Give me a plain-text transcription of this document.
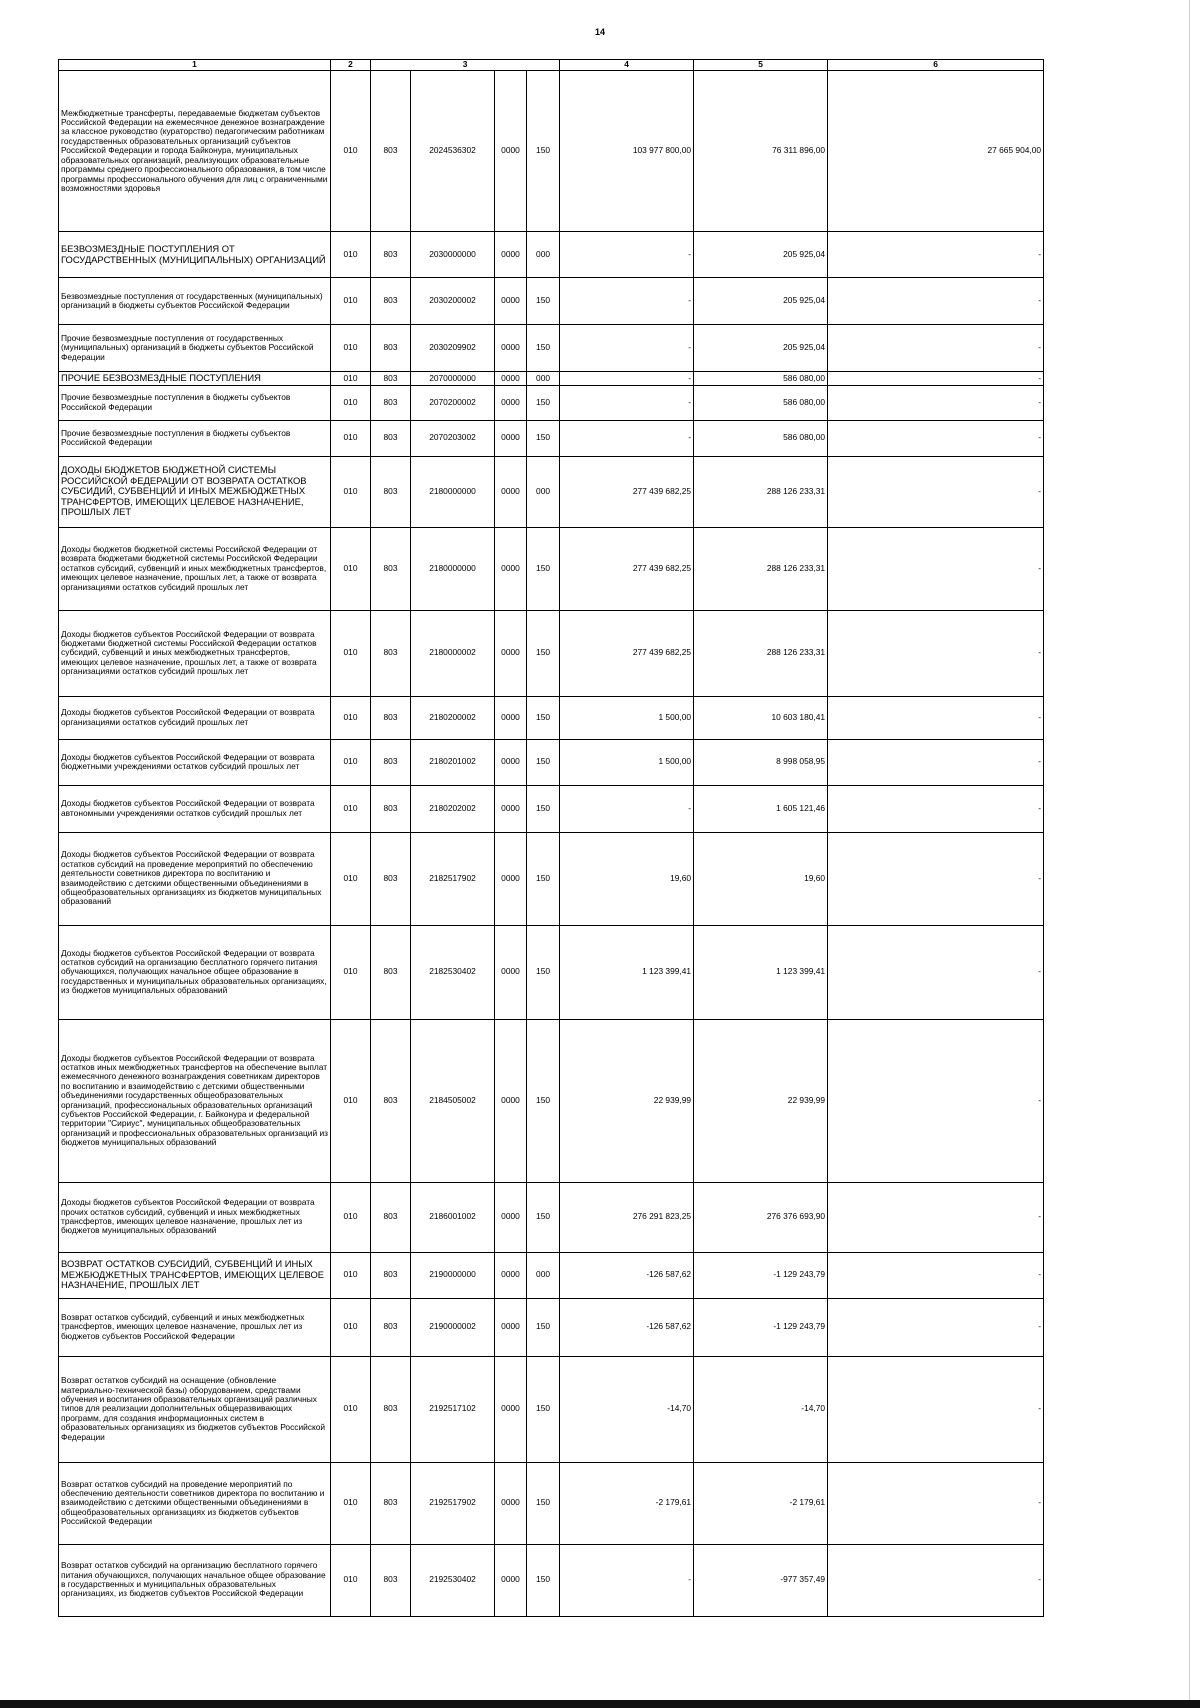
14
1	2	3				4	5	6
Межбюджетные трансферты, передаваемые бюджетам субъектов Российской Федерации на ежемесячное денежное вознаграждение за классное руководство (кураторство) педагогическим работникам государственных образовательных организаций субъектов Российской Федерации и города Байконура, муниципальных образовательных организаций, реализующих образовательные программы среднего профессионального образования, в том числе программы профессионального обучения для лиц с ограниченными возможностями здоровья	010	803	2024536302	0000	150	103 977 800,00	76 311 896,00	27 665 904,00
БЕЗВОЗМЕЗДНЫЕ ПОСТУПЛЕНИЯ ОТ ГОСУДАРСТВЕННЫХ (МУНИЦИПАЛЬНЫХ) ОРГАНИЗАЦИЙ	010	803	2030000000	0000	000	-	205 925,04	-
Безвозмездные поступления от государственных (муниципальных) организаций в бюджеты субъектов Российской Федерации	010	803	2030200002	0000	150	-	205 925,04	-
Прочие безвозмездные поступления от государственных (муниципальных) организаций в бюджеты субъектов Российской Федерации	010	803	2030209902	0000	150	-	205 925,04	-
ПРОЧИЕ БЕЗВОЗМЕЗДНЫЕ ПОСТУПЛЕНИЯ	010	803	2070000000	0000	000	-	586 080,00	-
Прочие безвозмездные поступления в бюджеты субъектов Российской Федерации	010	803	2070200002	0000	150	-	586 080,00	-
Прочие безвозмездные поступления в бюджеты субъектов Российской Федерации	010	803	2070203002	0000	150	-	586 080,00	-
ДОХОДЫ БЮДЖЕТОВ БЮДЖЕТНОЙ СИСТЕМЫ РОССИЙСКОЙ ФЕДЕРАЦИИ ОТ ВОЗВРАТА ОСТАТКОВ СУБСИДИЙ, СУБВЕНЦИЙ И ИНЫХ МЕЖБЮДЖЕТНЫХ ТРАНСФЕРТОВ, ИМЕЮЩИХ ЦЕЛЕВОЕ НАЗНАЧЕНИЕ, ПРОШЛЫХ ЛЕТ	010	803	2180000000	0000	000	277 439 682,25	288 126 233,31	-
Доходы бюджетов бюджетной системы Российской Федерации от возврата бюджетами бюджетной системы Российской Федерации остатков субсидий, субвенций и иных межбюджетных трансфертов, имеющих целевое назначение, прошлых лет, а также от возврата организациями остатков субсидий прошлых лет	010	803	2180000000	0000	150	277 439 682,25	288 126 233,31	-
Доходы бюджетов субъектов Российской Федерации от возврата бюджетами бюджетной системы Российской Федерации остатков субсидий, субвенций и иных межбюджетных трансфертов, имеющих целевое назначение, прошлых лет, а также от возврата организациями остатков субсидий прошлых лет	010	803	2180000002	0000	150	277 439 682,25	288 126 233,31	-
Доходы бюджетов субъектов Российской Федерации от возврата организациями остатков субсидий прошлых лет	010	803	2180200002	0000	150	1 500,00	10 603 180,41	-
Доходы бюджетов субъектов Российской Федерации от возврата бюджетными учреждениями остатков субсидий прошлых лет	010	803	2180201002	0000	150	1 500,00	8 998 058,95	-
Доходы бюджетов субъектов Российской Федерации от возврата автономными учреждениями остатков субсидий прошлых лет	010	803	2180202002	0000	150	-	1 605 121,46	-
Доходы бюджетов субъектов Российской Федерации от возврата остатков субсидий на проведение мероприятий по обеспечению деятельности советников директора по воспитанию и взаимодействию с детскими общественными объединениями в общеобразовательных организациях из бюджетов муниципальных образований	010	803	2182517902	0000	150	19,60	19,60	-
Доходы бюджетов субъектов Российской Федерации от возврата остатков субсидий на организацию бесплатного горячего питания обучающихся, получающих начальное общее образование в государственных и муниципальных образовательных организациях, из бюджетов муниципальных образований	010	803	2182530402	0000	150	1 123 399,41	1 123 399,41	-
Доходы бюджетов субъектов Российской Федерации от возврата остатков иных межбюджетных трансфертов на обеспечение выплат ежемесячного денежного вознаграждения советникам директоров по воспитанию и взаимодействию с детскими общественными объединениями государственных общеобразовательных организаций, профессиональных образовательных организаций субъектов Российской Федерации, г. Байконура и федеральной территории "Сириус", муниципальных общеобразовательных организаций и профессиональных образовательных организаций из бюджетов муниципальных образований	010	803	2184505002	0000	150	22 939,99	22 939,99	-
Доходы бюджетов субъектов Российской Федерации от возврата прочих остатков субсидий, субвенций и иных межбюджетных трансфертов, имеющих целевое назначение, прошлых лет из бюджетов муниципальных образований	010	803	2186001002	0000	150	276 291 823,25	276 376 693,90	-
ВОЗВРАТ ОСТАТКОВ СУБСИДИЙ, СУБВЕНЦИЙ И ИНЫХ МЕЖБЮДЖЕТНЫХ ТРАНСФЕРТОВ, ИМЕЮЩИХ ЦЕЛЕВОЕ НАЗНАЧЕНИЕ, ПРОШЛЫХ ЛЕТ	010	803	2190000000	0000	000	-126 587,62	-1 129 243,79	-
Возврат остатков субсидий, субвенций и иных межбюджетных трансфертов, имеющих целевое назначение, прошлых лет из бюджетов субъектов Российской Федерации	010	803	2190000002	0000	150	-126 587,62	-1 129 243,79	-
Возврат остатков субсидий на оснащение (обновление материально-технической базы) оборудованием, средствами обучения и воспитания образовательных организаций различных типов для реализации дополнительных общеразвивающих программ, для создания информационных систем в образовательных организациях из бюджетов субъектов Российской Федерации	010	803	2192517102	0000	150	-14,70	-14,70	-
Возврат остатков субсидий на проведение мероприятий по обеспечению деятельности советников директора по воспитанию и взаимодействию с детскими общественными объединениями в общеобразовательных организациях из бюджетов субъектов Российской Федерации	010	803	2192517902	0000	150	-2 179,61	-2 179,61	-
Возврат остатков субсидий на организацию бесплатного горячего питания обучающихся, получающих начальное общее образование в государственных и муниципальных образовательных организациях, из бюджетов субъектов Российской Федерации	010	803	2192530402	0000	150	-	-977 357,49	-
